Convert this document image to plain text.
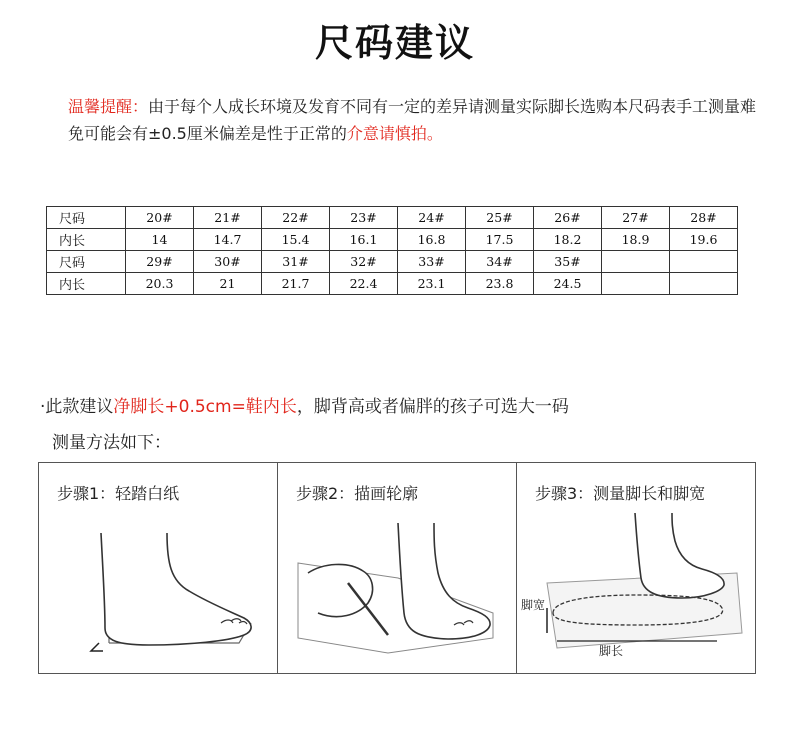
尺码建议
温馨提醒：由于每个人成长环境及发育不同有一定的差异请测量实际脚长选购本尺码表手工测量难免可能会有±0.5厘米偏差是性于正常的介意请慎拍。
尺码	20#	21#	22#	23#	24#	25#	26#	27#	28#
内长	14	14.7	15.4	16.1	16.8	17.5	18.2	18.9	19.6
尺码	29#	30#	31#	32#	33#	34#	35#		
内长	20.3	21	21.7	22.4	23.1	23.8	24.5		
·此款建议净脚长+0.5cm=鞋内长，脚背高或者偏胖的孩子可选大一码
测量方法如下：
步骤1：轻踏白纸	步骤2：描画轮廓	步骤3：测量脚长和脚宽
脚宽
脚长
